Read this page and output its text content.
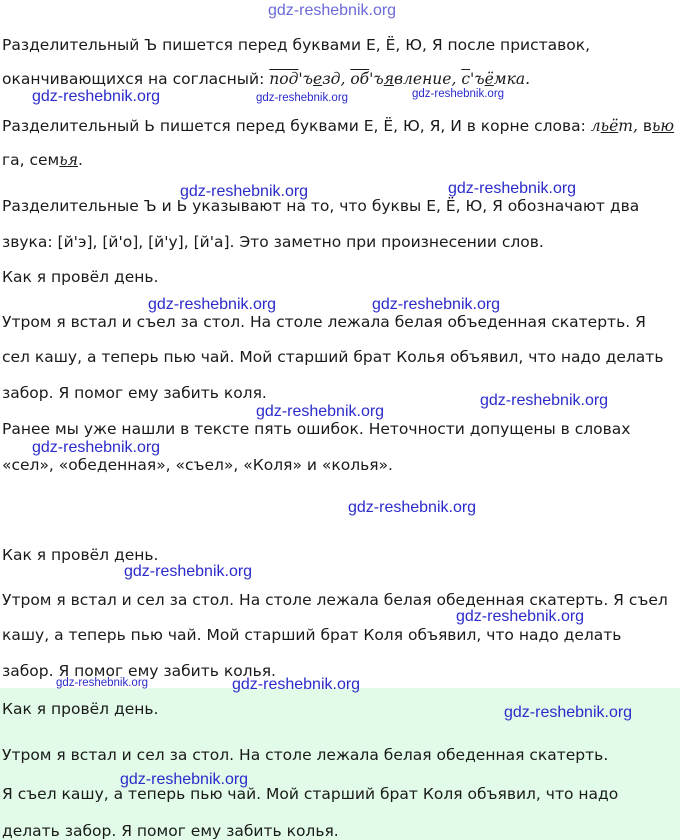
Разделительный Ъ пишется перед буквами Е, Ё, Ю, Я после приставок,
оканчивающихся на согласный: под'ъезд, об'ъявление, с'ъёмка.
Разделительный Ь пишется перед буквами Е, Ё, Ю, Я, И в корне слова: льёт, вью
га, семья.
Разделительные Ъ и Ь указывают на то, что буквы Е, Ё, Ю, Я обозначают два
звука: [й'э], [й'о], [й'у], [й'а]. Это заметно при произнесении слов.
Как я провёл день.
Утром я встал и съел за стол. На столе лежала белая объеденная скатерть. Я
сел кашу, а теперь пью чай. Мой старший брат Колья объявил, что надо делать
забор. Я помог ему забить коля.
Ранее мы уже нашли в тексте пять ошибок. Неточности допущены в словах
«сел», «обеденная», «съел», «Коля» и «колья».
Как я провёл день.
Утром я встал и сел за стол. На столе лежала белая обеденная скатерть. Я съел
кашу, а теперь пью чай. Мой старший брат Коля объявил, что надо делать
забор. Я помог ему забить колья.
Как я провёл день.
Утром я встал и сел за стол. На столе лежала белая обеденная скатерть.
Я съел кашу, а теперь пью чай. Мой старший брат Коля объявил, что надо
делать забор. Я помог ему забить колья.
gdz-reshebnik.org
gdz-reshebnik.org	gdz-reshebnik.org	gdz-reshebnik.org
gdz-reshebnik.org	gdz-reshebnik.org
gdz-reshebnik.org	gdz-reshebnik.org
gdz-reshebnik.org
gdz-reshebnik.org
gdz-reshebnik.org
gdz-reshebnik.org
gdz-reshebnik.org
gdz-reshebnik.org
gdz-reshebnik.org	gdz-reshebnik.org
gdz-reshebnik.org
gdz-reshebnik.org
